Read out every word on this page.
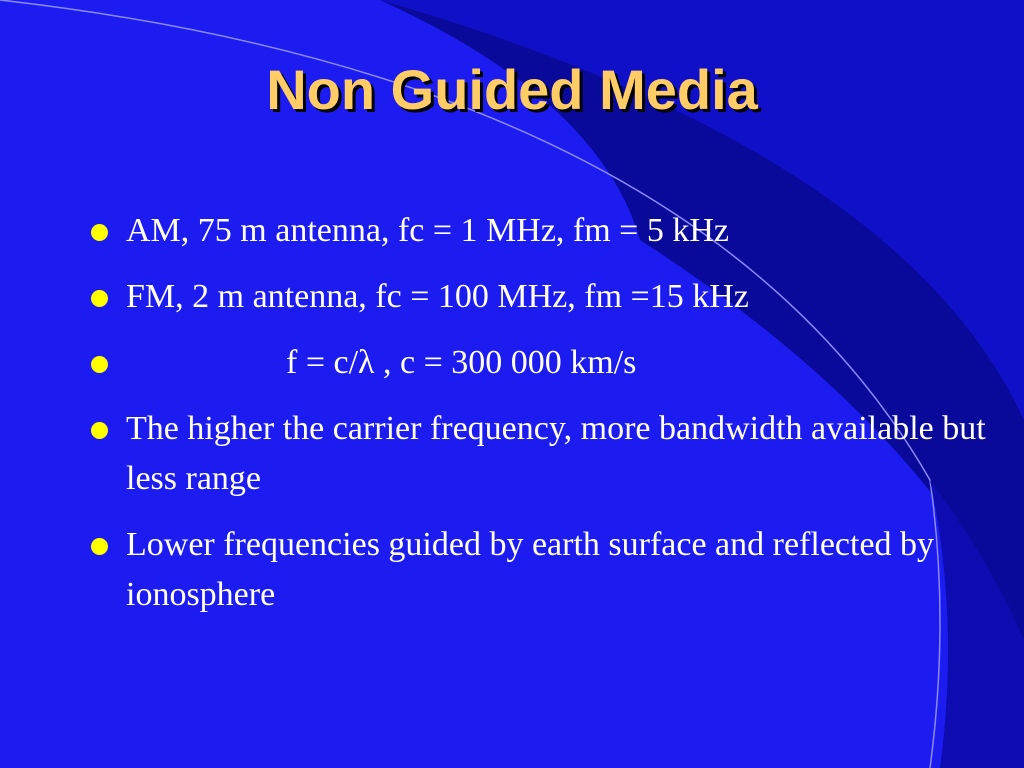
Non Guided Media
AM, 75 m antenna, fc = 1 MHz, fm = 5 kHz
FM, 2 m antenna, fc = 100 MHz, fm =15 kHz
f = c/λ , c = 300 000 km/s
The higher the carrier frequency, more bandwidth available but less range
Lower frequencies guided by earth surface and reflected by ionosphere
